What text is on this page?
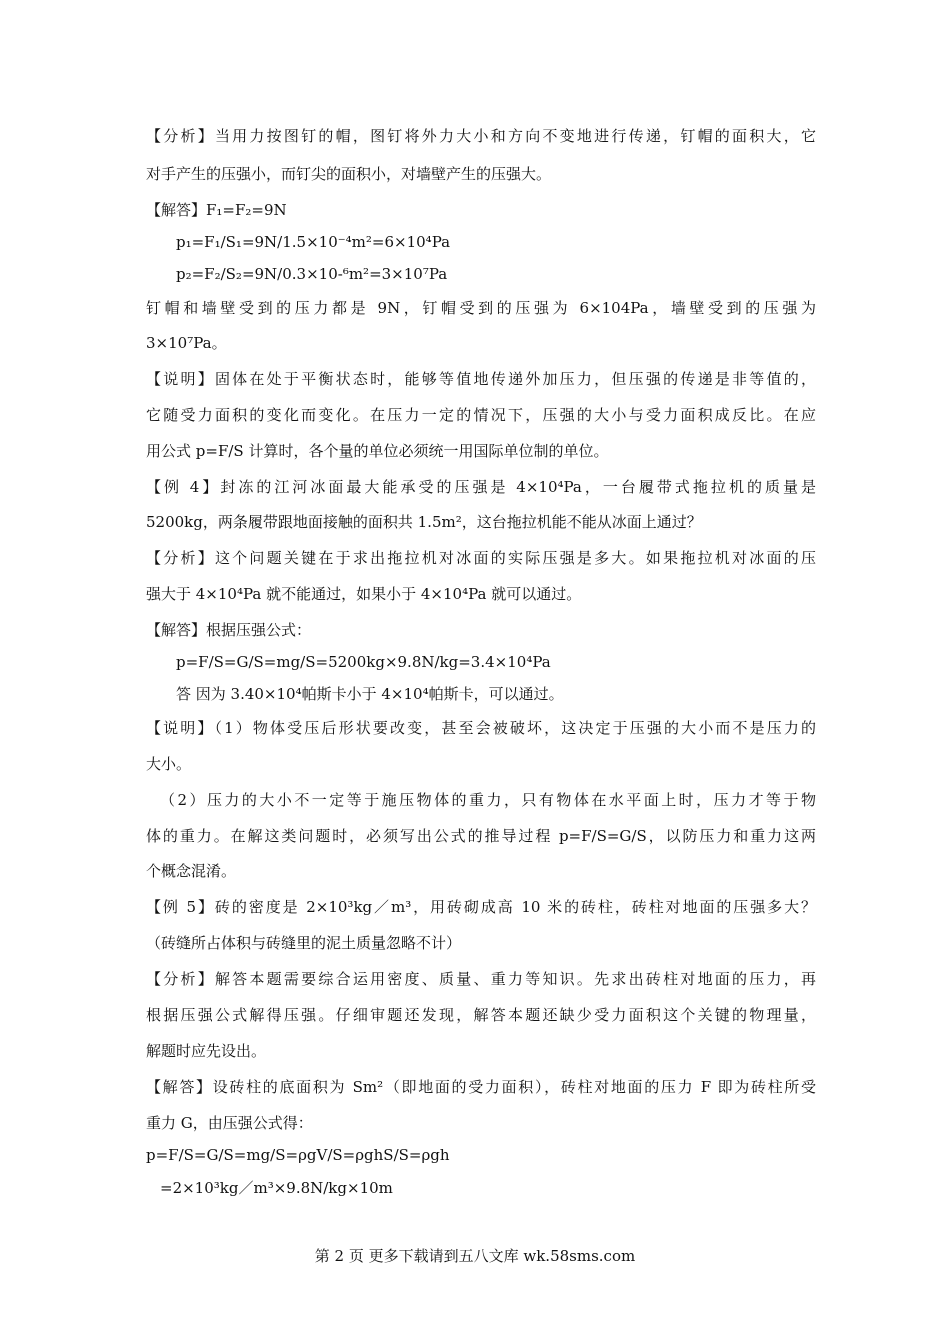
【分析】当用力按图钉的帽，图钉将外力大小和方向不变地进行传递，钉帽的面积大，它
对手产生的压强小，而钉尖的面积小，对墙壁产生的压强大。
【解答】F₁=F₂=9N
p₁=F₁/S₁=9N/1.5×10⁻⁴m²=6×10⁴Pa
p₂=F₂/S₂=9N/0.3×10-⁶m²=3×10⁷Pa
钉帽和墙壁受到的压力都是 9N，钉帽受到的压强为 6×104Pa，墙壁受到的压强为
3×10⁷Pa。
【说明】固体在处于平衡状态时，能够等值地传递外加压力，但压强的传递是非等值的，
它随受力面积的变化而变化。在压力一定的情况下，压强的大小与受力面积成反比。在应
用公式 p=F/S 计算时，各个量的单位必须统一用国际单位制的单位。
【例 4】封冻的江河冰面最大能承受的压强是 4×10⁴Pa，一台履带式拖拉机的质量是
5200kg，两条履带跟地面接触的面积共 1.5m²，这台拖拉机能不能从冰面上通过？
【分析】这个问题关键在于求出拖拉机对冰面的实际压强是多大。如果拖拉机对冰面的压
强大于 4×10⁴Pa 就不能通过，如果小于 4×10⁴Pa 就可以通过。
【解答】根据压强公式：
p=F/S=G/S=mg/S=5200kg×9.8N/kg=3.4×10⁴Pa
答 因为 3.40×10⁴帕斯卡小于 4×10⁴帕斯卡，可以通过。
【说明】（1）物体受压后形状要改变，甚至会被破坏，这决定于压强的大小而不是压力的
大小。
（2）压力的大小不一定等于施压物体的重力，只有物体在水平面上时，压力才等于物
体的重力。在解这类问题时，必须写出公式的推导过程 p=F/S=G/S，以防压力和重力这两
个概念混淆。
【例 5】砖的密度是 2×10³kg／m³，用砖砌成高 10 米的砖柱，砖柱对地面的压强多大？
（砖缝所占体积与砖缝里的泥土质量忽略不计）
【分析】解答本题需要综合运用密度、质量、重力等知识。先求出砖柱对地面的压力，再
根据压强公式解得压强。仔细审题还发现，解答本题还缺少受力面积这个关键的物理量，
解题时应先设出。
【解答】设砖柱的底面积为 Sm²（即地面的受力面积），砖柱对地面的压力 F 即为砖柱所受
重力 G，由压强公式得：
p=F/S=G/S=mg/S=ρgV/S=ρghS/S=ρgh
=2×10³kg／m³×9.8N/kg×10m
第 2 页 更多下载请到五八文库 wk.58sms.com
